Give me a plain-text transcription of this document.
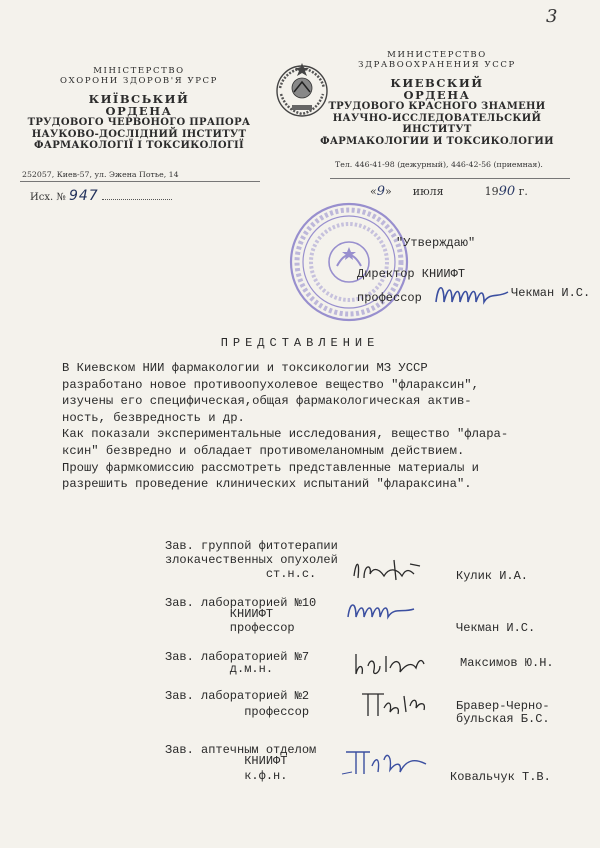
3
МІНІСТЕРСТВО
ОХОРОНИ ЗДОРОВ'Я УРСР
КИЇВСЬКИЙ
ОРДЕНА
ТРУДОВОГО ЧЕРВОНОГО ПРАПОРА
НАУКОВО-ДОСЛІДНИЙ ІНСТИТУТ
ФАРМАКОЛОГІЇ І ТОКСИКОЛОГІЇ
252057, Киев-57, ул. Эжена Потье, 14
МИНИСТЕРСТВО
ЗДРАВООХРАНЕНИЯ УССР
КИЕВСКИЙ
ОРДЕНА
ТРУДОВОГО КРАСНОГО ЗНАМЕНИ
НАУЧНО-ИССЛЕДОВАТЕЛЬСКИЙ ИНСТИТУТ
ФАРМАКОЛОГИИ И ТОКСИКОЛОГИИ
Тел. 446-41-98 (дежурный), 446-42-56 (приемная).
Исх. № 947	«9» июля	1990 г.
"Утверждаю"
Директор КНИИФТ
профессор	Чекман И.С.
ПРЕДСТАВЛЕНИЕ
В Киевском НИИ фармакологии и токсикологии МЗ УССР
разработано новое противоопухолевое вещество "флараксин",
изучены его специфическая,общая фармакологическая актив-
ность, безвредность и др.
Как показали экспериментальные исследования, вещество "флара-
ксин" безвредно и обладает противомеланомным действием.
Прошу фармкомиссию рассмотреть представленные материалы и
разрешить проведение клинических испытаний "флараксина".
Зав. группой фитотерапии
злокачественных опухолей
ст.н.с.	Кулик И.А.
Зав. лабораторией №10
КНИИФТ
профессор	Чекман И.С.
Зав. лабораторией №7
д.м.н.	Максимов Ю.Н.
Зав. лабораторией №2
профессор	Бравер-Черно-
бульская Б.С.
Зав. аптечным отделом
КНИИФТ
к.ф.н.	Ковальчук Т.В.
